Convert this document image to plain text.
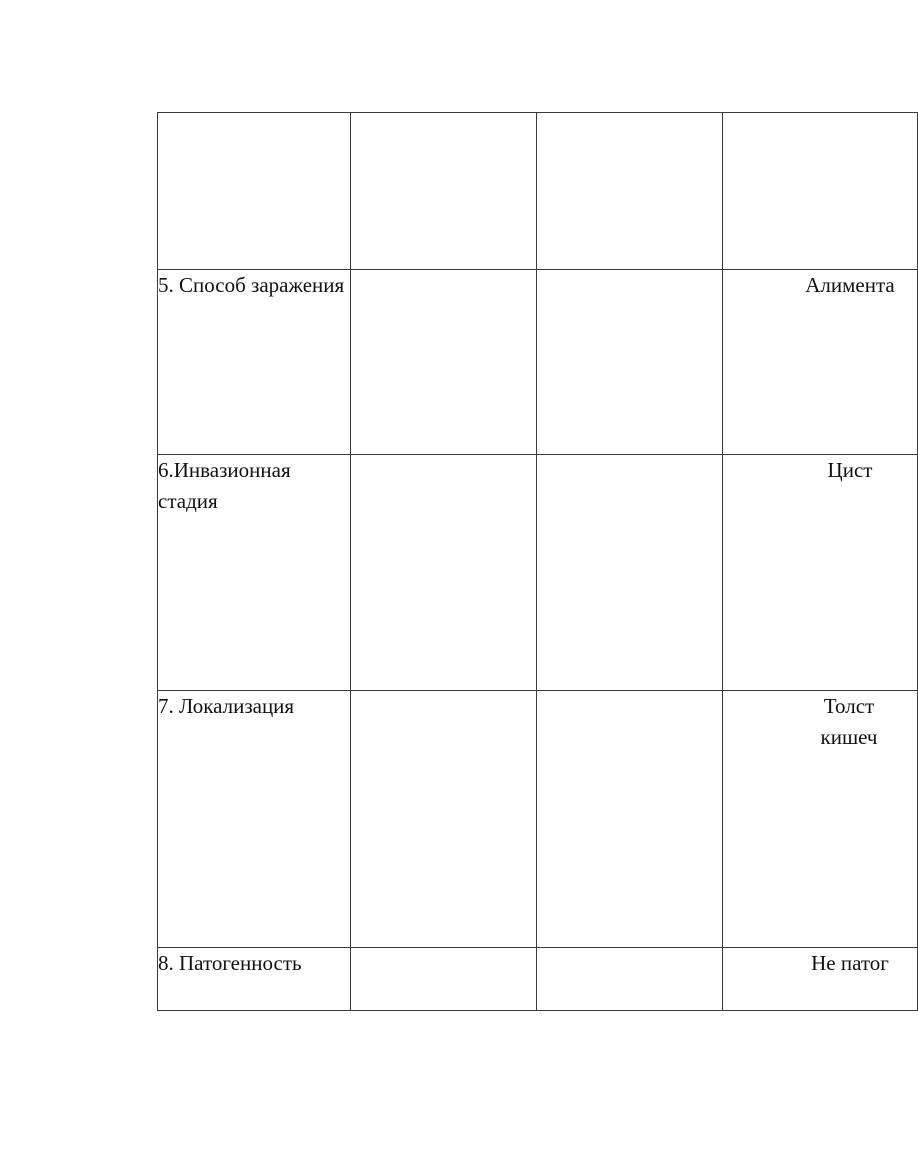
5. Способ заражения			Алимента

6.Инвазионная стадия			Цист

7. Локализация			Толст
кишеч

8. Патогенность			Не патог
